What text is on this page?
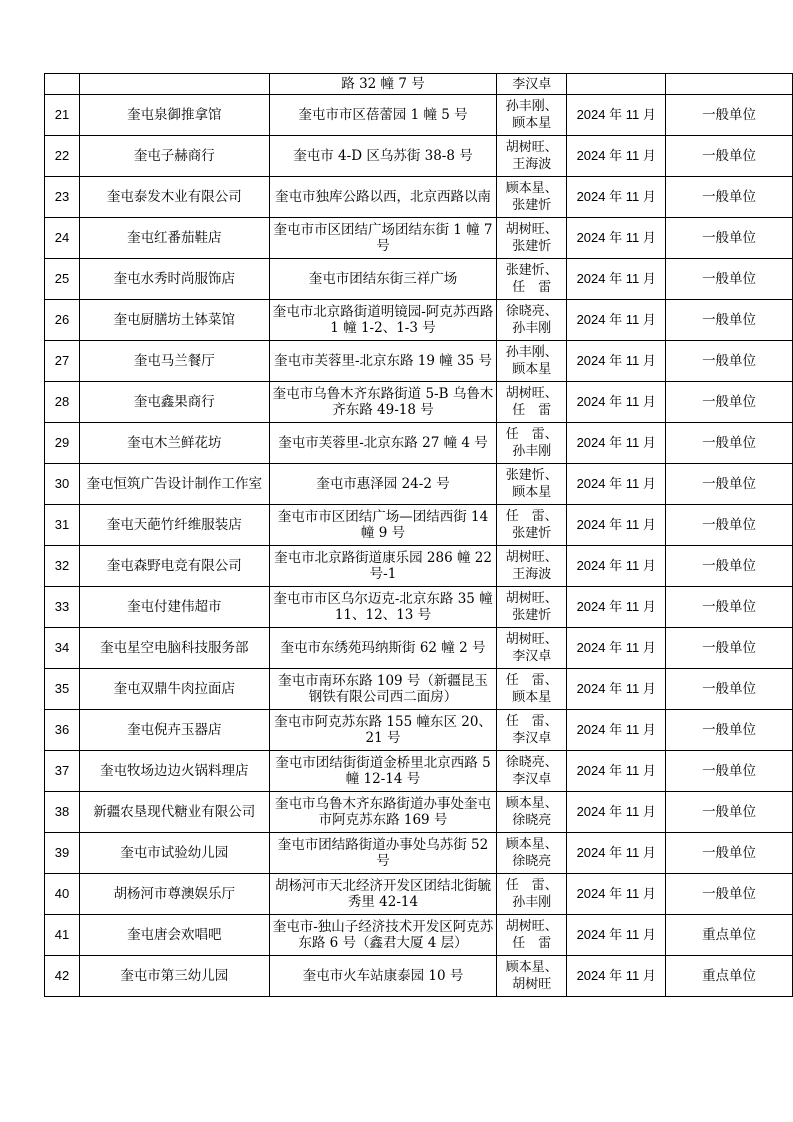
		路 32 幢 7 号	李汉卓		
21	奎屯泉御推拿馆	奎屯市市区蓓蕾园 1 幢 5 号	孙丰刚、顾本星	2024 年 11 月	一般单位
22	奎屯子赫商行	奎屯市 4-D 区乌苏街 38-8 号	胡树旺、王海波	2024 年 11 月	一般单位
23	奎屯泰发木业有限公司	奎屯市独库公路以西，北京西路以南	顾本星、张建忻	2024 年 11 月	一般单位
24	奎屯红番茄鞋店	奎屯市市区团结广场团结东街 1 幢 7 号	胡树旺、张建忻	2024 年 11 月	一般单位
25	奎屯水秀时尚服饰店	奎屯市团结东街三祥广场	张建忻、任　雷	2024 年 11 月	一般单位
26	奎屯厨膳坊土钵菜馆	奎屯市北京路街道明镜园-阿克苏西路 1 幢 1-2、1-3 号	徐晓亮、孙丰刚	2024 年 11 月	一般单位
27	奎屯马兰餐厅	奎屯市芙蓉里-北京东路 19 幢 35 号	孙丰刚、顾本星	2024 年 11 月	一般单位
28	奎屯鑫果商行	奎屯市乌鲁木齐东路街道 5-B 乌鲁木齐东路 49-18 号	胡树旺、任　雷	2024 年 11 月	一般单位
29	奎屯木兰鲜花坊	奎屯市芙蓉里-北京东路 27 幢 4 号	任　雷、孙丰刚	2024 年 11 月	一般单位
30	奎屯恒筑广告设计制作工作室	奎屯市惠泽园 24-2 号	张建忻、顾本星	2024 年 11 月	一般单位
31	奎屯天葩竹纤维服装店	奎屯市市区团结广场—团结西街 14 幢 9 号	任　雷、张建忻	2024 年 11 月	一般单位
32	奎屯森野电竞有限公司	奎屯市北京路街道康乐园 286 幢 22 号-1	胡树旺、王海波	2024 年 11 月	一般单位
33	奎屯付建伟超市	奎屯市市区乌尔迈克-北京东路 35 幢 11、12、13 号	胡树旺、张建忻	2024 年 11 月	一般单位
34	奎屯星空电脑科技服务部	奎屯市东绣苑玛纳斯街 62 幢 2 号	胡树旺、李汉卓	2024 年 11 月	一般单位
35	奎屯双鼎牛肉拉面店	奎屯市南环东路 109 号（新疆昆玉钢铁有限公司西二面房）	任　雷、顾本星	2024 年 11 月	一般单位
36	奎屯倪卉玉器店	奎屯市阿克苏东路 155 幢东区 20、21 号	任　雷、李汉卓	2024 年 11 月	一般单位
37	奎屯牧场边边火锅料理店	奎屯市团结街街道金桥里北京西路 5 幢 12-14 号	徐晓亮、李汉卓	2024 年 11 月	一般单位
38	新疆农垦现代糖业有限公司	奎屯市乌鲁木齐东路街道办事处奎屯市阿克苏东路 169 号	顾本星、徐晓亮	2024 年 11 月	一般单位
39	奎屯市试验幼儿园	奎屯市团结路街道办事处乌苏街 52 号	顾本星、徐晓亮	2024 年 11 月	一般单位
40	胡杨河市尊澳娱乐厅	胡杨河市天北经济开发区团结北街毓秀里 42-14	任　雷、孙丰刚	2024 年 11 月	一般单位
41	奎屯唐会欢唱吧	奎屯市-独山子经济技术开发区阿克苏东路 6 号（鑫君大厦 4 层）	胡树旺、任　雷	2024 年 11 月	重点单位
42	奎屯市第三幼儿园	奎屯市火车站康泰园 10 号	顾本星、胡树旺	2024 年 11 月	重点单位
